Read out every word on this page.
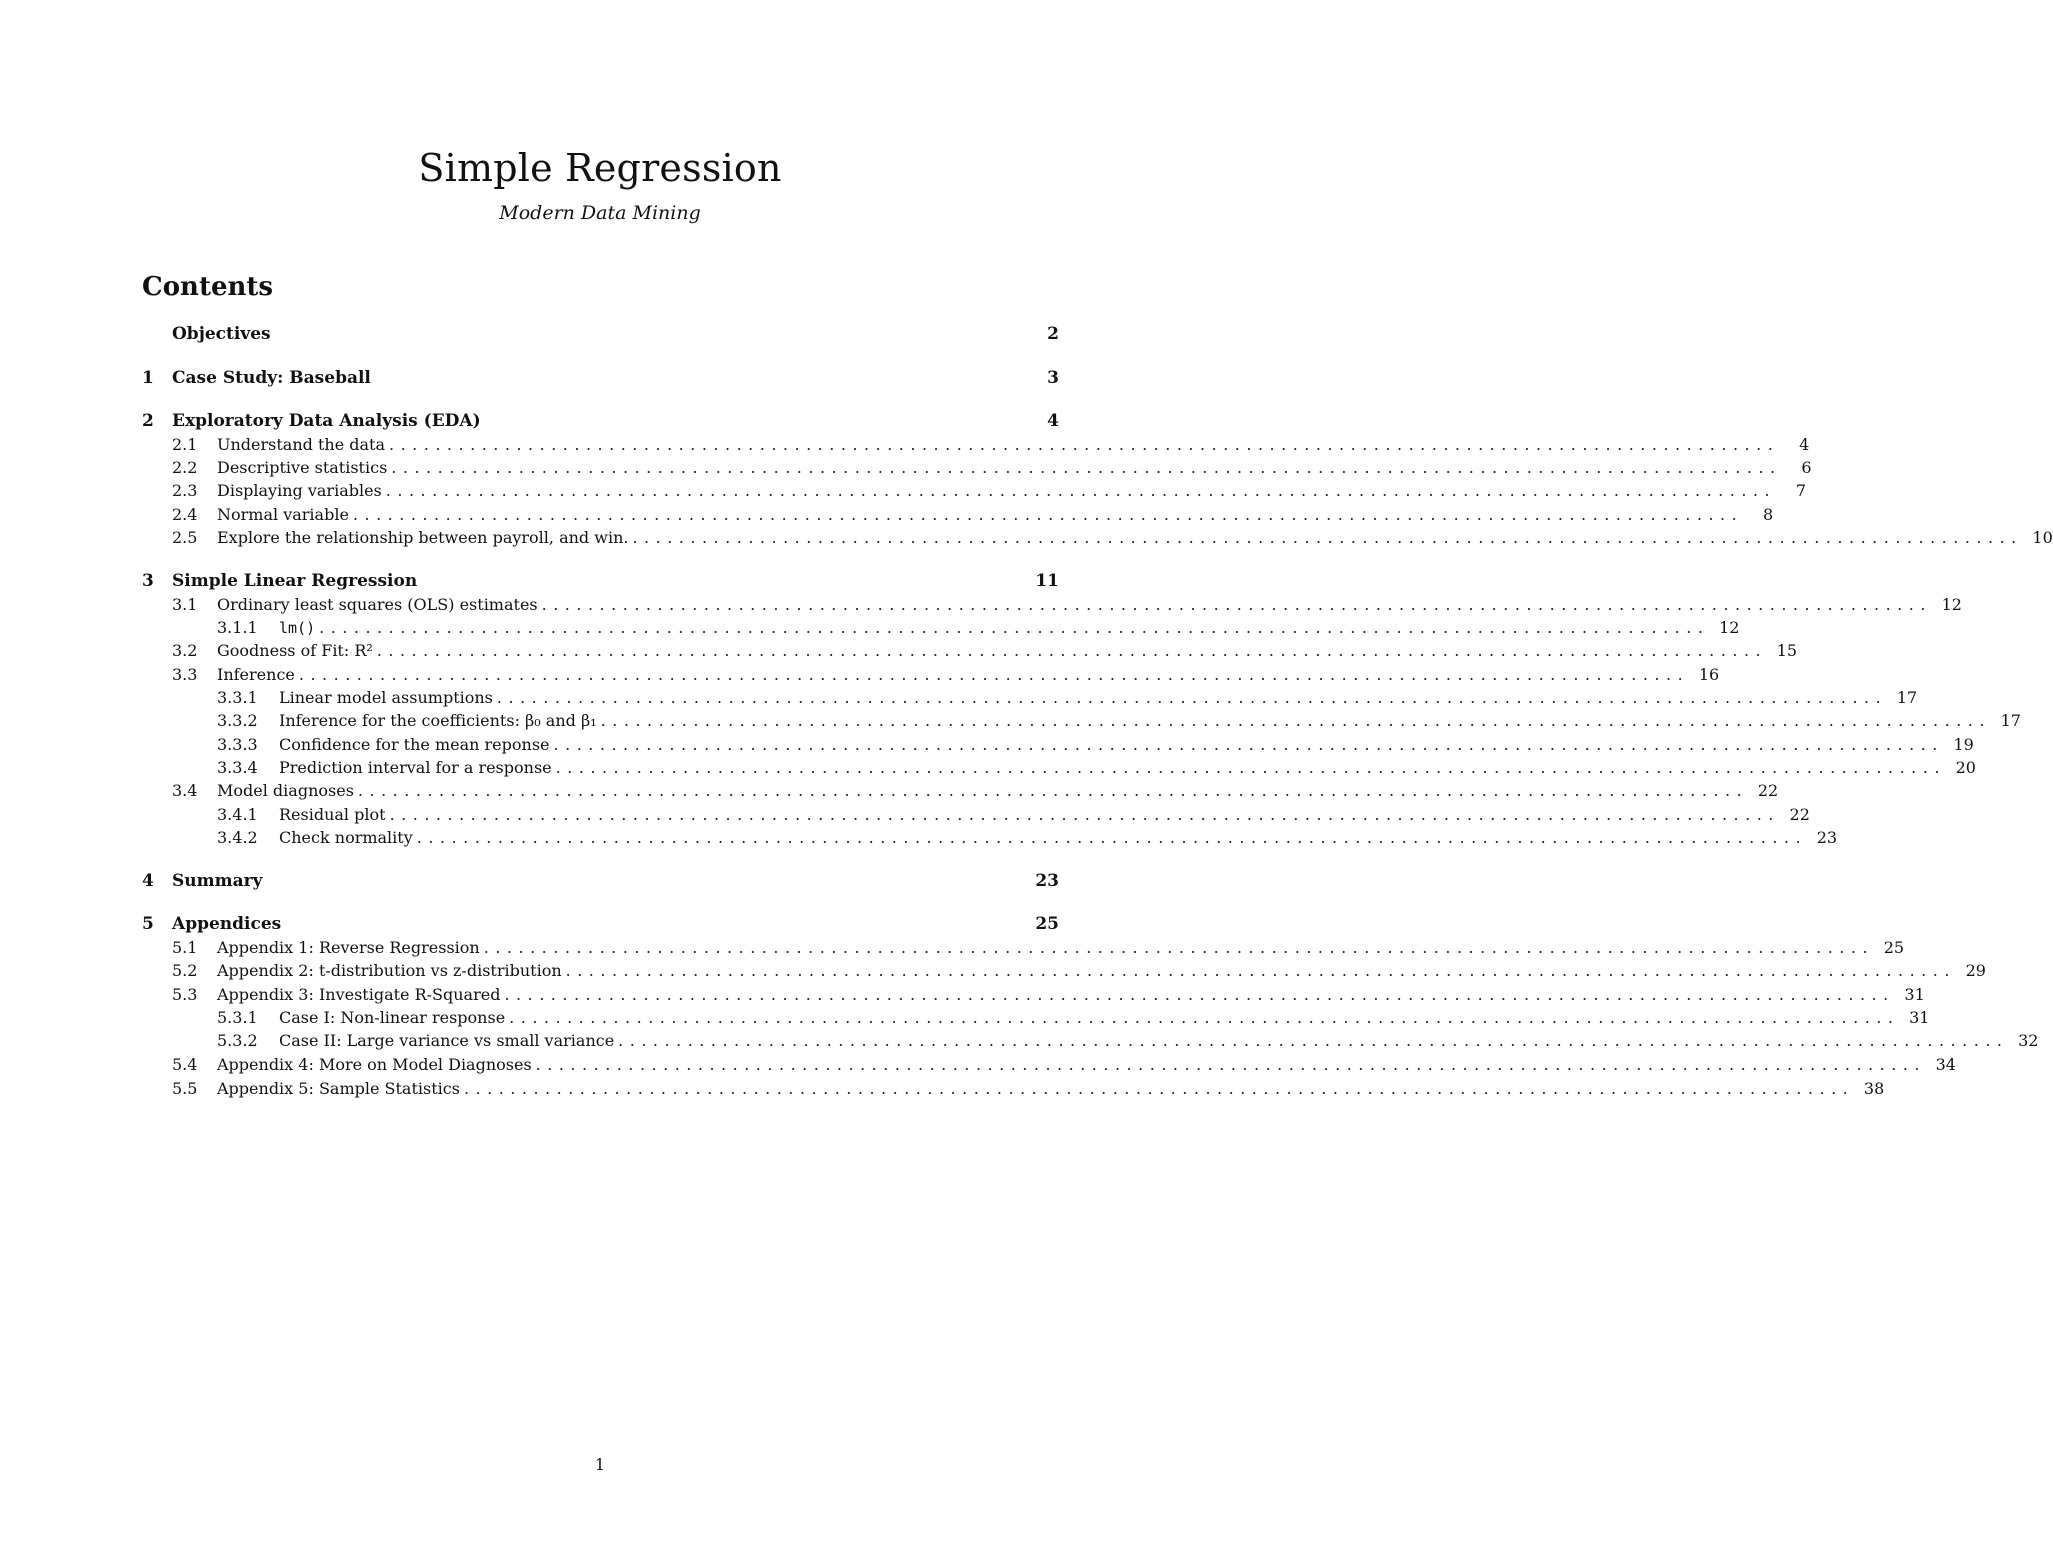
Simple Regression
Modern Data Mining
Contents
Objectives	2
1	Case Study: Baseball	3
2	Exploratory Data Analysis (EDA)	4
2.1	Understand the data ........................................................................................................................	4
2.2	Descriptive statistics ........................................................................................................................	6
2.3	Displaying variables ........................................................................................................................	7
2.4	Normal variable ........................................................................................................................	8
2.5	Explore the relationship between payroll, and win. ........................................................................................................................ 10
3	Simple Linear Regression	11
3.1	Ordinary least squares (OLS) estimates ........................................................................................................................ 12
3.1.1	lm() ........................................................................................................................ 12
3.2	Goodness of Fit: R² ........................................................................................................................ 15
3.3	Inference ........................................................................................................................ 16
3.3.1	Linear model assumptions ........................................................................................................................ 17
3.3.2	Inference for the coefficients: β₀ and β₁ ........................................................................................................................ 17
3.3.3	Confidence for the mean reponse ........................................................................................................................ 19
3.3.4	Prediction interval for a response ........................................................................................................................ 20
3.4	Model diagnoses ........................................................................................................................ 22
3.4.1	Residual plot ........................................................................................................................ 22
3.4.2	Check normality ........................................................................................................................ 23
4	Summary	23
5	Appendices	25
5.1	Appendix 1: Reverse Regression ........................................................................................................................ 25
5.2	Appendix 2: t-distribution vs z-distribution ........................................................................................................................ 29
5.3	Appendix 3: Investigate R-Squared ........................................................................................................................ 31
5.3.1	Case I: Non-linear response ........................................................................................................................ 31
5.3.2	Case II: Large variance vs small variance ........................................................................................................................ 32
5.4	Appendix 4: More on Model Diagnoses ........................................................................................................................ 34
5.5	Appendix 5: Sample Statistics ........................................................................................................................ 38
1
